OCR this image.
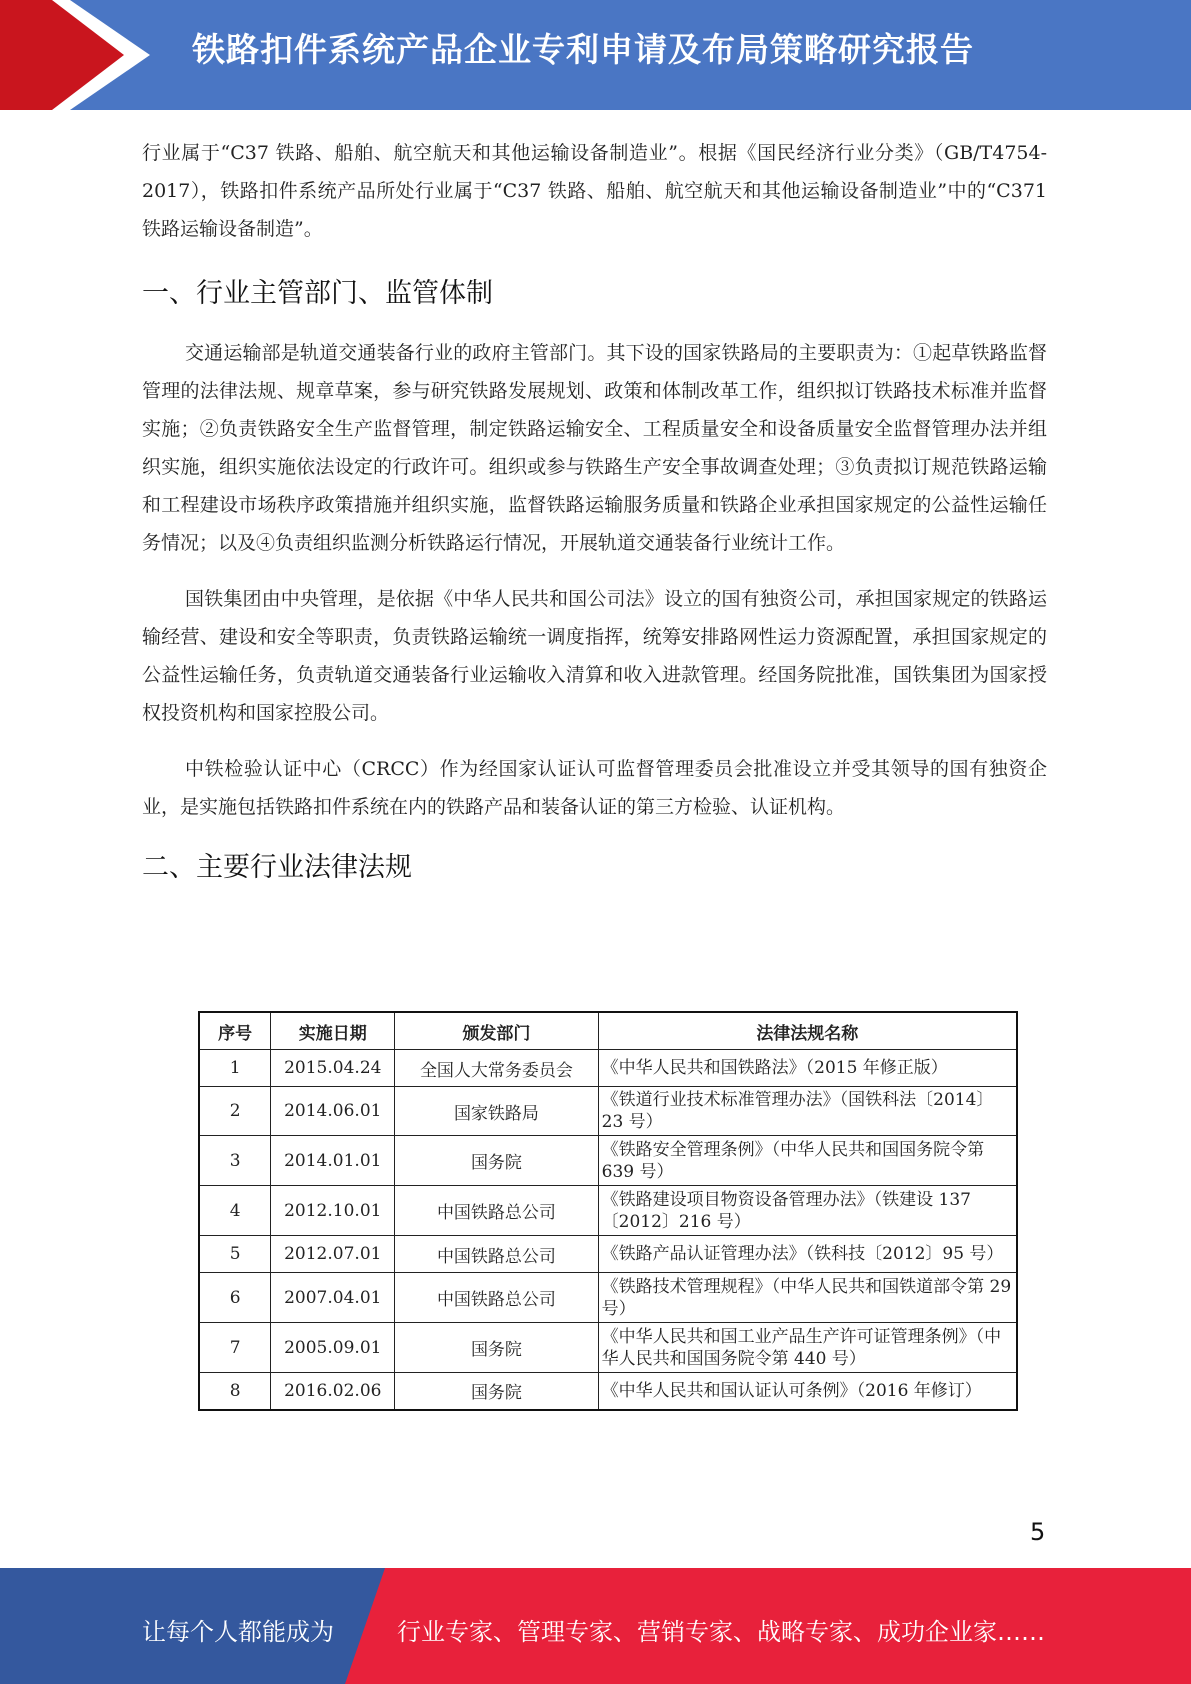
铁路扣件系统产品企业专利申请及布局策略研究报告

行业属于“C37 铁路、船舶、航空航天和其他运输设备制造业”。根据《国民经济行业分类》（GB/T4754-2017），铁路扣件系统产品所处行业属于“C37 铁路、船舶、航空航天和其他运输设备制造业”中的“C371 铁路运输设备制造”。

一、行业主管部门、监管体制

交通运输部是轨道交通装备行业的政府主管部门。其下设的国家铁路局的主要职责为：①起草铁路监督管理的法律法规、规章草案，参与研究铁路发展规划、政策和体制改革工作，组织拟订铁路技术标准并监督实施；②负责铁路安全生产监督管理，制定铁路运输安全、工程质量安全和设备质量安全监督管理办法并组织实施，组织实施依法设定的行政许可。组织或参与铁路生产安全事故调查处理；③负责拟订规范铁路运输和工程建设市场秩序政策措施并组织实施，监督铁路运输服务质量和铁路企业承担国家规定的公益性运输任务情况；以及④负责组织监测分析铁路运行情况，开展轨道交通装备行业统计工作。

国铁集团由中央管理，是依据《中华人民共和国公司法》设立的国有独资公司，承担国家规定的铁路运输经营、建设和安全等职责，负责铁路运输统一调度指挥，统筹安排路网性运力资源配置，承担国家规定的公益性运输任务，负责轨道交通装备行业运输收入清算和收入进款管理。经国务院批准，国铁集团为国家授权投资机构和国家控股公司。

中铁检验认证中心（CRCC）作为经国家认证认可监督管理委员会批准设立并受其领导的国有独资企业，是实施包括铁路扣件系统在内的铁路产品和装备认证的第三方检验、认证机构。

二、主要行业法律法规
序号	实施日期	颁发部门	法律法规名称
1	2015.04.24	全国人大常务委员会	《中华人民共和国铁路法》（2015 年修正版）
2	2014.06.01	国家铁路局	《铁道行业技术标准管理办法》（国铁科法〔2014〕23 号）
3	2014.01.01	国务院	《铁路安全管理条例》（中华人民共和国国务院令第 639 号）
4	2012.10.01	中国铁路总公司	《铁路建设项目物资设备管理办法》（铁建设 137〔2012〕216 号）
5	2012.07.01	中国铁路总公司	《铁路产品认证管理办法》（铁科技〔2012〕95 号）
6	2007.04.01	中国铁路总公司	《铁路技术管理规程》（中华人民共和国铁道部令第 29 号）
7	2005.09.01	国务院	《中华人民共和国工业产品生产许可证管理条例》（中华人民共和国国务院令第 440 号）
8	2016.02.06	国务院	《中华人民共和国认证认可条例》（2016 年修订）
5
让每个人都能成为	行业专家、管理专家、营销专家、战略专家、成功企业家……
